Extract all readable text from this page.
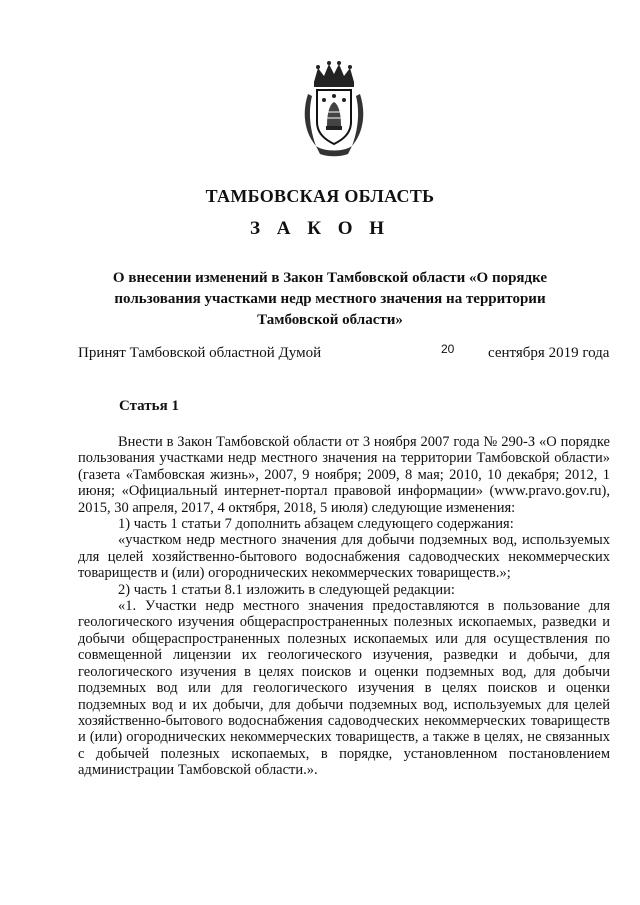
ТАМБОВСКАЯ ОБЛАСТЬ
З А К О Н
О внесении изменений в Закон Тамбовской области «О порядке пользования участками недр местного значения на территории Тамбовской области»
Принят Тамбовской областной Думой	20 сентября 2019 года
Статья 1

Внести в Закон Тамбовской области от 3 ноября 2007 года № 290-З «О порядке пользования участками недр местного значения на территории Тамбовской области» (газета «Тамбовская жизнь», 2007, 9 ноября; 2009, 8 мая; 2010, 10 декабря; 2012, 1 июня; «Официальный интернет-портал правовой информации» (www.pravo.gov.ru), 2015, 30 апреля, 2017, 4 октября, 2018, 5 июля) следующие изменения:

1) часть 1 статьи 7 дополнить абзацем следующего содержания:

«участком недр местного значения для добычи подземных вод, используемых для целей хозяйственно-бытового водоснабжения садоводческих некоммерческих товариществ и (или) огороднических некоммерческих товариществ.»;

2) часть 1 статьи 8.1 изложить в следующей редакции:

«1. Участки недр местного значения предоставляются в пользование для геологического изучения общераспространенных полезных ископаемых, разведки и добычи общераспространенных полезных ископаемых или для осуществления по совмещенной лицензии их геологического изучения, разведки и добычи, для геологического изучения в целях поисков и оценки подземных вод, для добычи подземных вод или для геологического изучения в целях поисков и оценки подземных вод и их добычи, для добычи подземных вод, используемых для целей хозяйственно-бытового водоснабжения садоводческих некоммерческих товариществ и (или) огороднических некоммерческих товариществ, а также в целях, не связанных с добычей полезных ископаемых, в порядке, установленном постановлением администрации Тамбовской области.».
